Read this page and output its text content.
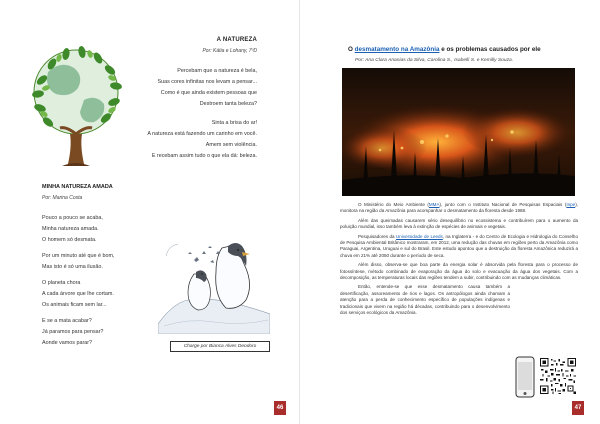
A NATUREZA
Por: Kátia e Lohany, 7ºD
Percebam que a natureza é bela,
Suas cores infinitas nos levam a pensar...
Como é que ainda existem pessoas que
Destroem tanta beleza?
Sinta a brisa do ar!
A natureza está fazendo um carinho em você.
Amem sem violência.
E recebam assim tudo o que ela dá: beleza.
MINHA NATUREZA AMADA
Por: Marina Costa
Pouco a pouco se acaba,
Minha natureza amada.
O homem só desmata.
Por um minuto até que é bom,
Mas isto é só uma ilusão.
O planeta chora
A cada árvore que lhe cortam.
Os animais ficam sem lar...
E se a mata acabar?
Já paramos para pensar?
Aonde vamos parar?
Charge por Bianca Alves Deodoro
46
O desmatamento na Amazônia e os problemas causados por ele
Por: Ana Clara Ananias da Silva, Carolina S., Isabelli S. e Kemilly Souza.

O Ministério do Meio Ambiente (MMA), junto com o Instituto Nacional de Pesquisas Espaciais (Inpe), monitora na região da Amazônia para acompanhar o desmatamento da floresta desde 1988.

Além das queimadas causarem sério desequilíbrio no ecossistema e contribuírem para o aumento da poluição mundial, isso também leva à extinção de espécies de animais e vegetais.

Pesquisadores da Universidade de Leeds, na Inglaterra - e do Centro de Ecologia e Hidrologia do Conselho de Pesquisa Ambiental Britânico mostraram, em 2012, uma redução das chuvas em regiões perto da Amazônia como Paraguai, Argentina, Uruguai e sul do Brasil. Este estudo apontou que a destruição da floresta Amazônica reduzirá a chuva em 21% até 2050 durante o período de seca.

Além disso, observa-se que boa parte da energia solar é absorvida pela floresta para o processo de fotossíntese, método combinado de evaporação da água do solo e evacuação da água dos vegetais. Com a decomposição, as temperaturas locais das regiões tendem a subir, contribuindo com as mudanças climáticas.

Então, entende-se que esse desmatamento causa também a desertificação, assoreamento de rios e lagos. Os antropólogos ainda chamam a atenção para a perda de conhecimento específico de populações indígenas e tradicionais que vivem na região há décadas, contribuindo para o desenvolvimento dos serviços ecológicos da Amazônia.

47
